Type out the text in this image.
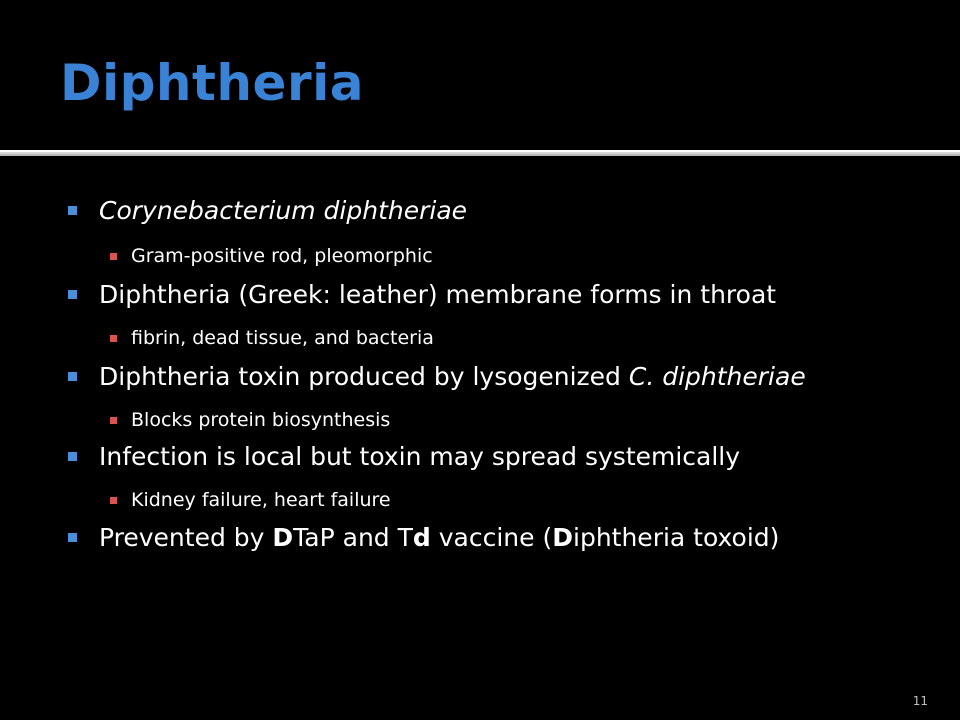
Diphtheria
Corynebacterium diphtheriae
Gram-positive rod, pleomorphic
Diphtheria (Greek: leather) membrane forms in throat
fibrin, dead tissue, and bacteria
Diphtheria toxin produced by lysogenized C. diphtheriae
Blocks protein biosynthesis
Infection is local but toxin may spread systemically
Kidney failure, heart failure
Prevented by DTaP and Td vaccine (Diphtheria toxoid)
11
